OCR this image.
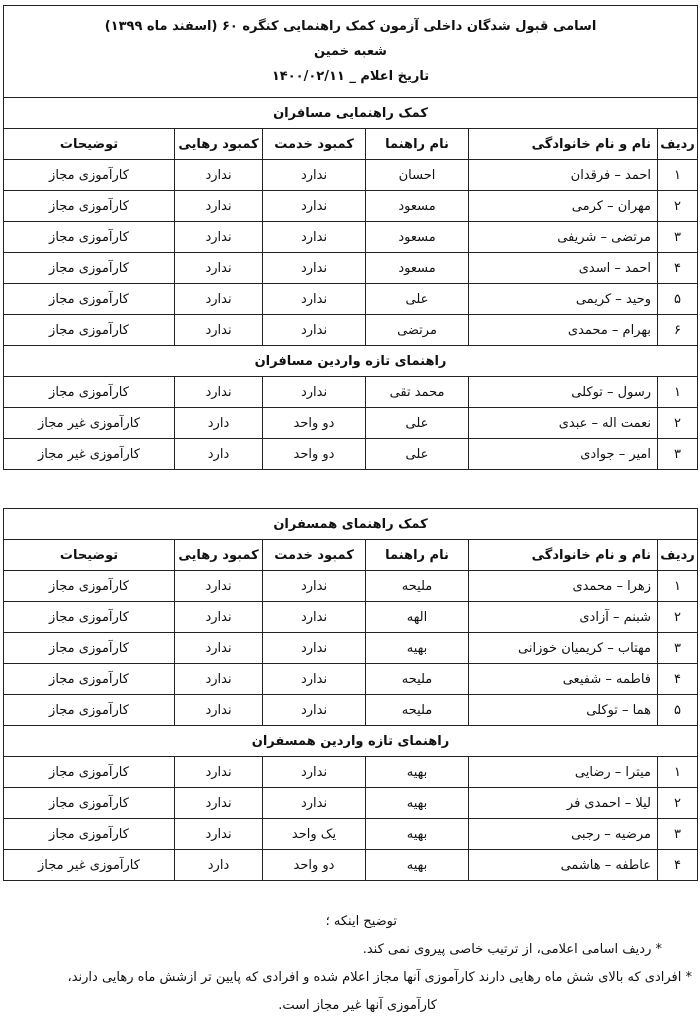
اسامی قبول شدگان داخلی آزمون کمک راهنمایی کنگره ۶۰ (اسفند ماه ۱۳۹۹)
شعبه خمین
تاریخ اعلام _ ۱۴۰۰/۰۲/۱۱					

کمک راهنمایی مسافران					
ردیف	نام و نام خانوادگی	نام راهنما	کمبود خدمت	کمبود رهایی	توضیحات
۱	احمد – فرقدان	احسان	ندارد	ندارد	کارآموزی مجاز
۲	مهران – کرمی	مسعود	ندارد	ندارد	کارآموزی مجاز
۳	مرتضی – شریفی	مسعود	ندارد	ندارد	کارآموزی مجاز
۴	احمد – اسدی	مسعود	ندارد	ندارد	کارآموزی مجاز
۵	وحید – کریمی	علی	ندارد	ندارد	کارآموزی مجاز
۶	بهرام – محمدی	مرتضی	ندارد	ندارد	کارآموزی مجاز
راهنمای تازه واردین مسافران					
۱	رسول – توکلی	محمد تقی	ندارد	ندارد	کارآموزی مجاز
۲	نعمت اله – عبدی	علی	دو واحد	دارد	کارآموزی غیر مجاز
۳	امیر – جوادی	علی	دو واحد	دارد	کارآموزی غیر مجاز
کمک راهنمای همسفران					
ردیف	نام و نام خانوادگی	نام راهنما	کمبود خدمت	کمبود رهایی	توضیحات
۱	زهرا – محمدی	ملیحه	ندارد	ندارد	کارآموزی مجاز
۲	شبنم – آزادی	الهه	ندارد	ندارد	کارآموزی مجاز
۳	مهتاب – کریمیان خوزانی	بهیه	ندارد	ندارد	کارآموزی مجاز
۴	فاطمه – شفیعی	ملیحه	ندارد	ندارد	کارآموزی مجاز
۵	هما – توکلی	ملیحه	ندارد	ندارد	کارآموزی مجاز
راهنمای تازه واردین همسفران					
۱	میترا – رضایی	بهیه	ندارد	ندارد	کارآموزی مجاز
۲	لیلا – احمدی فر	بهیه	ندارد	ندارد	کارآموزی مجاز
۳	مرضیه – رجبی	بهیه	یک واحد	ندارد	کارآموزی مجاز
۴	عاطفه – هاشمی	بهیه	دو واحد	دارد	کارآموزی غیر مجاز
توضیح اینکه ؛
* ردیف اسامی اعلامی، از ترتیب خاصی پیروی نمی کند.
* افرادی که بالای شش ماه رهایی دارند کارآموزی آنها مجاز اعلام شده و افرادی که پایین تر ازشش ماه رهایی دارند،
کارآموزی آنها غیر مجاز است.
